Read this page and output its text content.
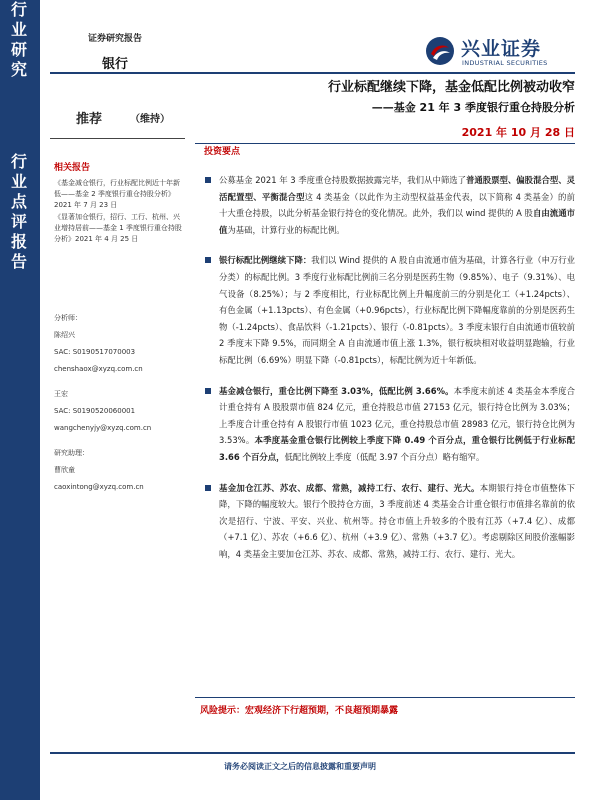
行
业
研
究
行
业
点
评
报
告
证券研究报告
银行
兴业证券
INDUSTRIAL SECURITIES
行业标配继续下降，基金低配比例被动收窄
——基金 21 年 3 季度银行重仓持股分析
推荐	（维持）
2021 年 10 月 28 日
相关报告

《基金减仓银行，行业标配比例近十年新低——基金 2 季度银行重仓持股分析》2021 年 7 月 23 日

《显著加仓银行，招行、工行、杭州、兴业增持居前——基金 1 季度银行重仓持股分析》2021 年 4 月 25 日

分析师：
陈绍兴
SAC: S0190517070003
chenshaox@xyzq.com.cn
王宏
SAC: S0190520060001
wangchenyjy@xyzq.com.cn
研究助理：
曹欣童
caoxintong@xyzq.com.cn
投资要点

公募基金 2021 年 3 季度重仓持股数据披露完毕，我们从中筛选了普通股票型、偏股混合型、灵活配置型、平衡混合型这 4 类基金（以此作为主动型权益基金代表，以下简称 4 类基金）的前十大重仓持股，以此分析基金银行持仓的变化情况。此外，我们以 wind 提供的 A 股自由流通市值为基础，计算行业的标配比例。

银行标配比例继续下降：我们以 Wind 提供的 A 股自由流通市值为基础，计算各行业（申万行业分类）的标配比例。3 季度行业标配比例前三名分别是医药生物（9.85%）、电子（9.31%）、电气设备（8.25%）；与 2 季度相比，行业标配比例上升幅度前三的分别是化工（+1.24pcts）、有色金属（+1.13pcts）、有色金属（+0.96pcts），行业标配比例下降幅度靠前的分别是医药生物（-1.24pcts）、食品饮料（-1.21pcts）、银行（-0.81pcts）。3 季度末银行自由流通市值较前 2 季度末下降 9.5%，而同期全 A 自由流通市值上涨 1.3%，银行板块相对收益明显跑输，行业标配比例（6.69%）明显下降（-0.81pcts），标配比例为近十年新低。

基金减仓银行，重仓比例下降至 3.03%，低配比例 3.66%。本季度末前述 4 类基金本季度合计重仓持有 A 股股票市值 824 亿元，重仓持股总市值 27153 亿元，银行持仓比例为 3.03%；上季度合计重仓持有 A 股银行市值 1023 亿元，重仓持股总市值 28983 亿元，银行持仓比例为 3.53%。本季度基金重仓银行比例较上季度下降 0.49 个百分点，重仓银行比例低于行业标配 3.66 个百分点，低配比例较上季度（低配 3.97 个百分点）略有缩窄。

基金加仓江苏、苏农、成都、常熟，减持工行、农行、建行、光大。本期银行持仓市值整体下降，下降的幅度较大。银行个股持仓方面，3 季度前述 4 类基金合计重仓银行市值排名靠前的依次是招行、宁波、平安、兴业、杭州等。持仓市值上升较多的个股有江苏（+7.4 亿）、成都（+7.1 亿）、苏农（+6.6 亿）、杭州（+3.9 亿）、常熟（+3.7 亿）。考虑剔除区间股价涨幅影响，4 类基金主要加仓江苏、苏农、成都、常熟，减持工行、农行、建行、光大。

风险提示：宏观经济下行超预期，不良超预期暴露
请务必阅读正文之后的信息披露和重要声明
